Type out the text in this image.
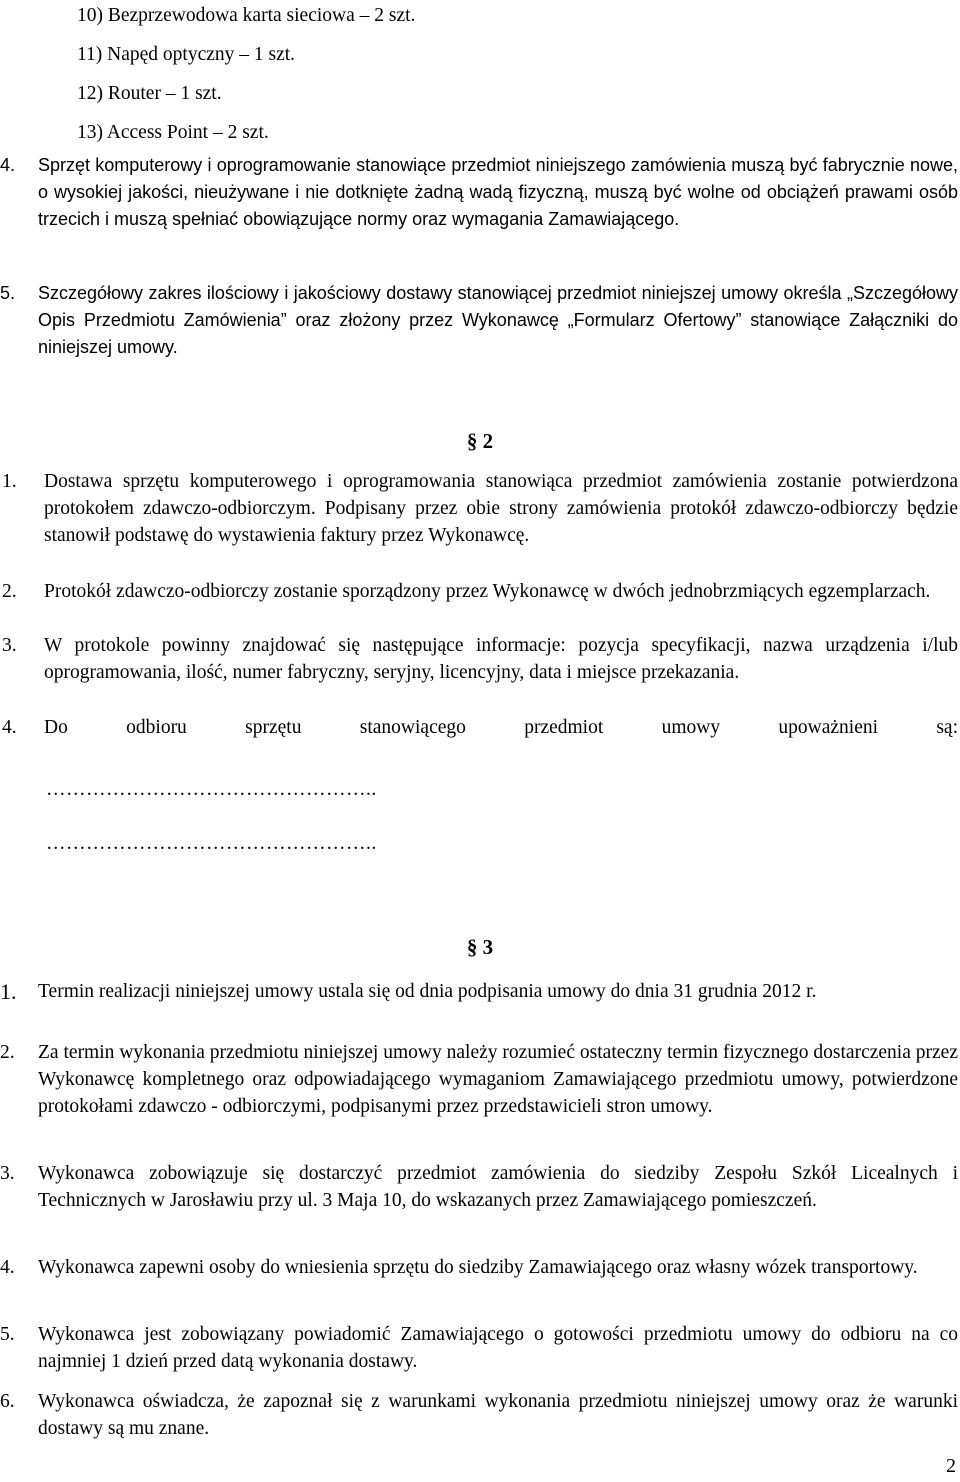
10) Bezprzewodowa karta sieciowa – 2 szt.
11) Napęd optyczny – 1 szt.
12) Router – 1 szt.
13) Access Point – 2 szt.
4. Sprzęt komputerowy i oprogramowanie stanowiące przedmiot niniejszego zamówienia muszą być fabrycznie nowe, o wysokiej jakości, nieużywane i nie dotknięte żadną wadą fizyczną, muszą być wolne od obciążeń prawami osób trzecich i muszą spełniać obowiązujące normy oraz wymagania Zamawiającego.
5. Szczegółowy zakres ilościowy i jakościowy dostawy stanowiącej przedmiot niniejszej umowy określa „Szczegółowy Opis Przedmiotu Zamówienia” oraz złożony przez Wykonawcę „Formularz Ofertowy” stanowiące Załączniki do niniejszej umowy.
§ 2
1. Dostawa sprzętu komputerowego i oprogramowania stanowiąca przedmiot zamówienia zostanie potwierdzona protokołem zdawczo-odbiorczym. Podpisany przez obie strony zamówienia protokół zdawczo-odbiorczy będzie stanowił podstawę do wystawienia faktury przez Wykonawcę.
2. Protokół zdawczo-odbiorczy zostanie sporządzony przez Wykonawcę w dwóch jednobrzmiących egzemplarzach.
3. W protokole powinny znajdować się następujące informacje: pozycja specyfikacji, nazwa urządzenia i/lub oprogramowania, ilość, numer fabryczny, seryjny, licencyjny, data i miejsce przekazania.
4. Do odbioru sprzętu stanowiącego przedmiot umowy upoważnieni są:
…………………………………………..
…………………………………………..
§ 3
1. Termin realizacji niniejszej umowy ustala się od dnia podpisania umowy do dnia 31 grudnia 2012 r.
2. Za termin wykonania przedmiotu niniejszej umowy należy rozumieć ostateczny termin fizycznego dostarczenia przez Wykonawcę kompletnego oraz odpowiadającego wymaganiom Zamawiającego przedmiotu umowy, potwierdzone protokołami zdawczo - odbiorczymi, podpisanymi przez przedstawicieli stron umowy.
3. Wykonawca zobowiązuje się dostarczyć przedmiot zamówienia do siedziby Zespołu Szkół Licealnych i Technicznych w Jarosławiu przy ul. 3 Maja 10, do wskazanych przez Zamawiającego pomieszczeń.
4. Wykonawca zapewni osoby do wniesienia sprzętu do siedziby Zamawiającego oraz własny wózek transportowy.
5. Wykonawca jest zobowiązany powiadomić Zamawiającego o gotowości przedmiotu umowy do odbioru na co najmniej 1 dzień przed datą wykonania dostawy.
6. Wykonawca oświadcza, że zapoznał się z warunkami wykonania przedmiotu niniejszej umowy oraz że warunki dostawy są mu znane.
2
